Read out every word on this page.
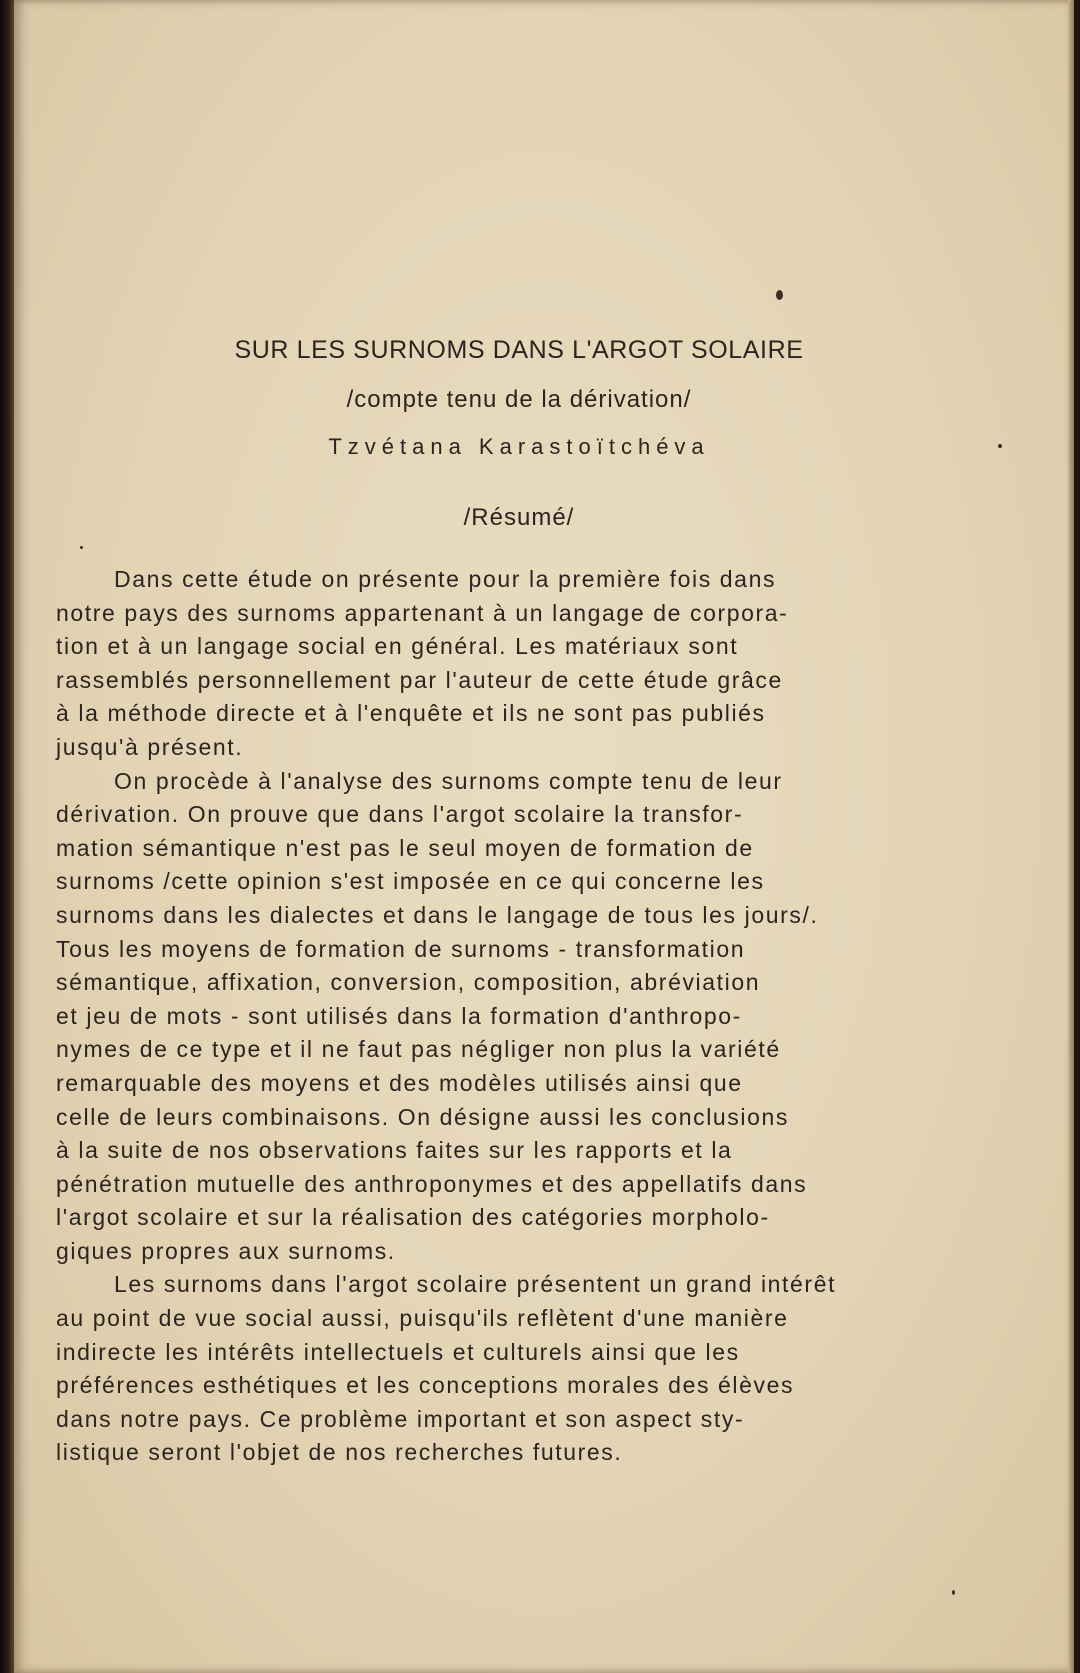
SUR LES SURNOMS DANS L'ARGOT SOLAIRE
/compte tenu de la dérivation/
Tzvétana Karastoïtchéva
/Résumé/
Dans cette étude on présente pour la première fois dans
notre pays des surnoms appartenant à un langage de corpora-
tion et à un langage social en général. Les matériaux sont
rassemblés personnellement par l'auteur de cette étude grâce
à la méthode directe et à l'enquête et ils ne sont pas publiés
jusqu'à présent.
On procède à l'analyse des surnoms compte tenu de leur
dérivation. On prouve que dans l'argot scolaire la transfor-
mation sémantique n'est pas le seul moyen de formation de
surnoms /cette opinion s'est imposée en ce qui concerne les
surnoms dans les dialectes et dans le langage de tous les jours/.
Tous les moyens de formation de surnoms - transformation
sémantique, affixation, conversion, composition, abréviation
et jeu de mots - sont utilisés dans la formation d'anthropo-
nymes de ce type et il ne faut pas négliger non plus la variété
remarquable des moyens et des modèles utilisés ainsi que
celle de leurs combinaisons. On désigne aussi les conclusions
à la suite de nos observations faites sur les rapports et la
pénétration mutuelle des anthroponymes et des appellatifs dans
l'argot scolaire et sur la réalisation des catégories morpholo-
giques propres aux surnoms.
Les surnoms dans l'argot scolaire présentent un grand intérêt
au point de vue social aussi, puisqu'ils reflètent d'une manière
indirecte les intérêts intellectuels et culturels ainsi que les
préférences esthétiques et les conceptions morales des élèves
dans notre pays. Ce problème important et son aspect sty-
listique seront l'objet de nos recherches futures.
